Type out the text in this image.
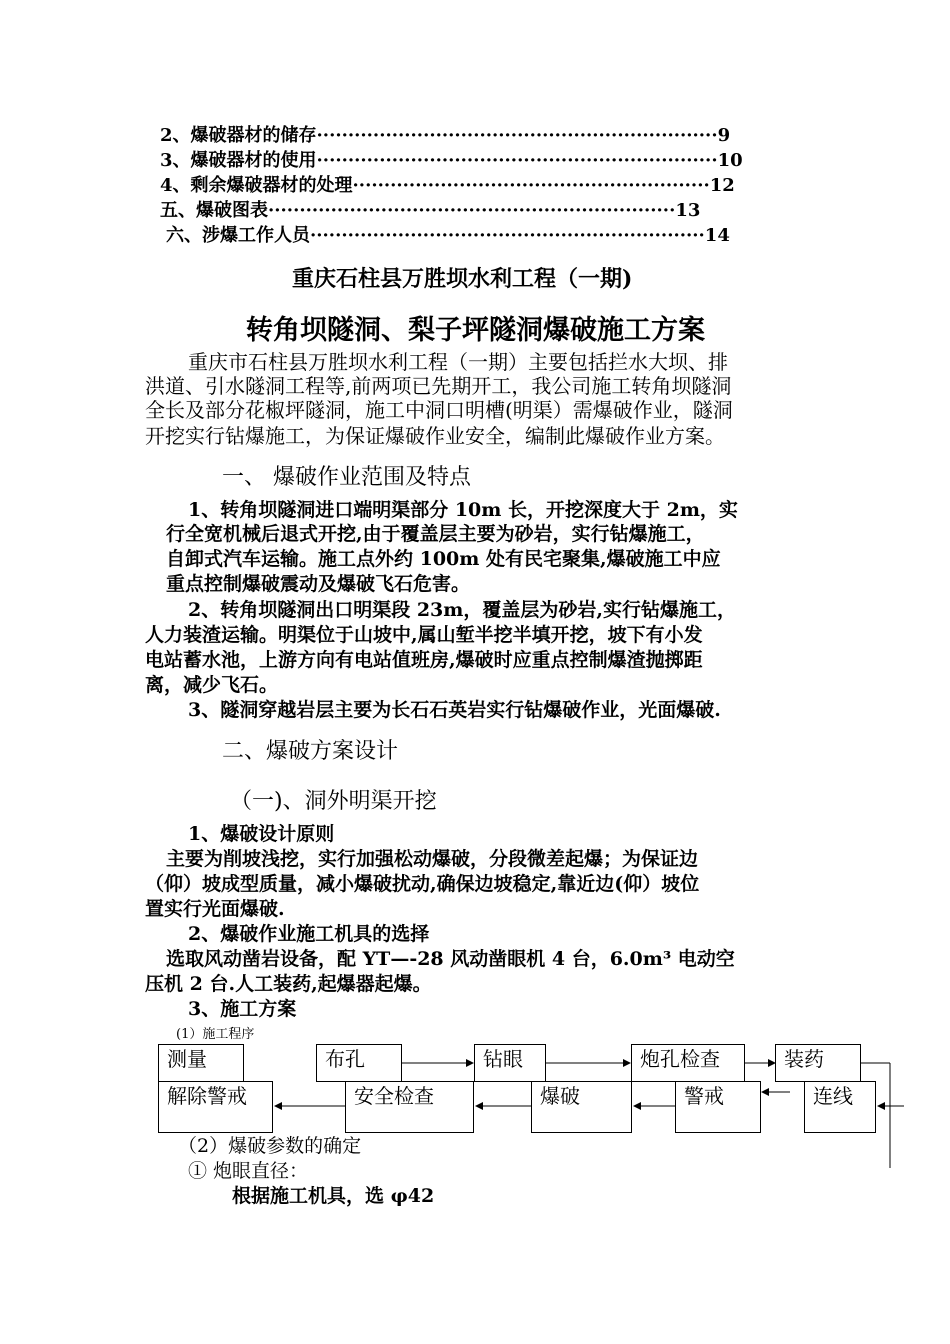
2、爆破器材的储存································································9
3、爆破器材的使用································································10
4、剩余爆破器材的处理·························································12
五、爆破图表·································································13
六、涉爆工作人员·······························································14
重庆石柱县万胜坝水利工程（一期)
转角坝隧洞、梨子坪隧洞爆破施工方案
重庆市石柱县万胜坝水利工程（一期）主要包括拦水大坝、排
洪道、引水隧洞工程等,前两项已先期开工，我公司施工转角坝隧洞
全长及部分花椒坪隧洞，施工中洞口明槽(明渠）需爆破作业，隧洞
开挖实行钻爆施工，为保证爆破作业安全，编制此爆破作业方案。
一、 爆破作业范围及特点
1、转角坝隧洞进口端明渠部分 10m 长，开挖深度大于 2m，实
行全宽机械后退式开挖,由于覆盖层主要为砂岩，实行钻爆施工，
自卸式汽车运输。施工点外约 100m 处有民宅聚集,爆破施工中应
重点控制爆破震动及爆破飞石危害。
2、转角坝隧洞出口明渠段 23m，覆盖层为砂岩,实行钻爆施工，
人力装渣运输。明渠位于山坡中,属山堑半挖半填开挖，坡下有小发
电站蓄水池，上游方向有电站值班房,爆破时应重点控制爆渣抛掷距
离，减少飞石。
3、隧洞穿越岩层主要为长石石英岩实行钻爆破作业，光面爆破.
二、爆破方案设计
（一)、洞外明渠开挖
1、爆破设计原则
主要为削坡浅挖，实行加强松动爆破，分段微差起爆；为保证边
（仰）坡成型质量，减小爆破扰动,确保边坡稳定,靠近边(仰）坡位
置实行光面爆破.
2、爆破作业施工机具的选择
选取风动凿岩设备，配 YT—-28 风动凿眼机 4 台，6.0m³ 电动空
压机 2 台.人工装药,起爆器起爆。
3、施工方案
(1）施工程序
解除警戒	安全检查	爆破	警戒	连线
测量	布孔	钻眼	炮孔检查	装药
（2）爆破参数的确定
① 炮眼直径：
根据施工机具，选 φ42
